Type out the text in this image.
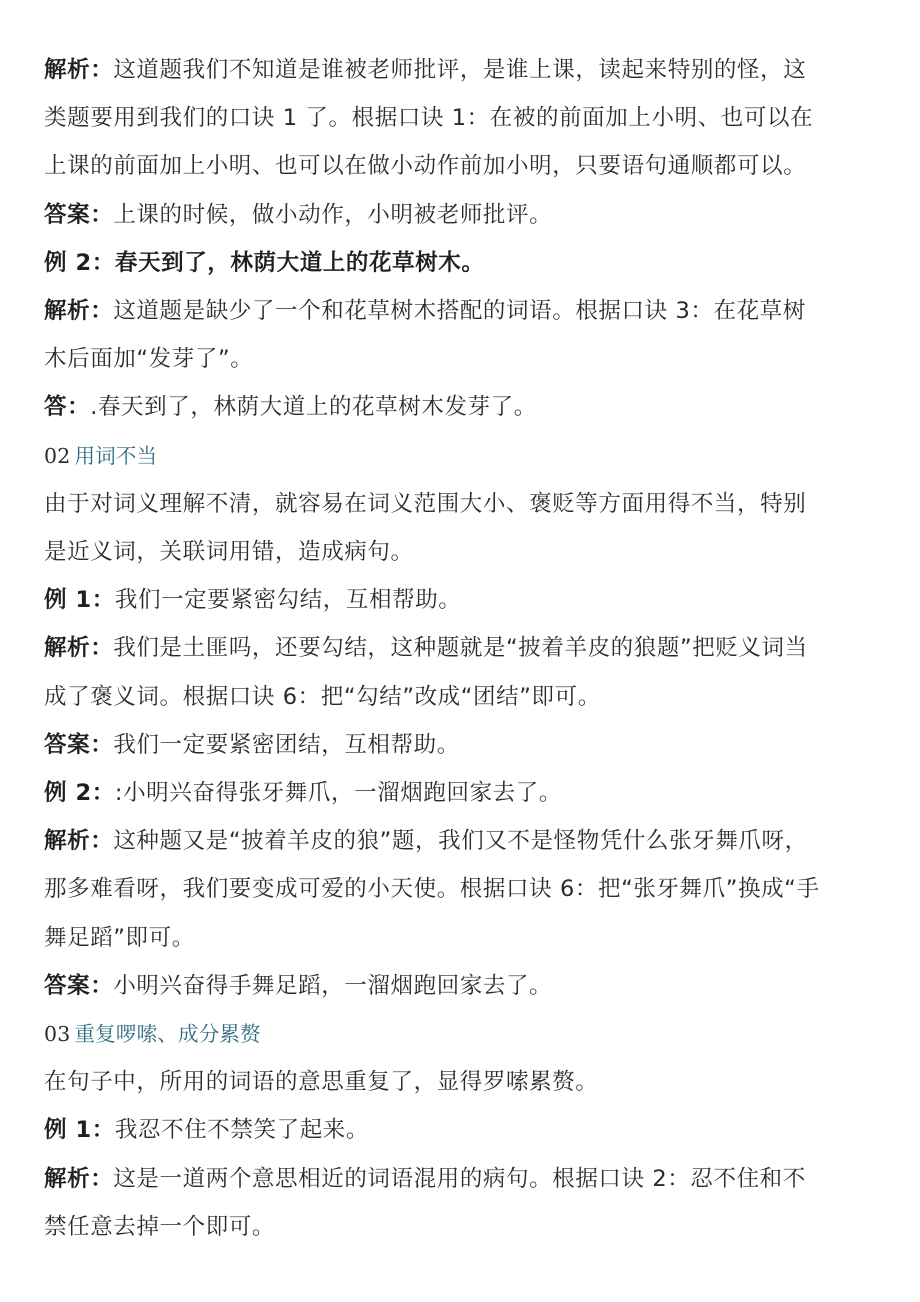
解析：这道题我们不知道是谁被老师批评，是谁上课，读起来特别的怪，这
类题要用到我们的口诀 1 了。根据口诀 1：在被的前面加上小明、也可以在
上课的前面加上小明、也可以在做小动作前加小明，只要语句通顺都可以。
答案：上课的时候，做小动作，小明被老师批评。
例 2：春天到了，林荫大道上的花草树木。
解析：这道题是缺少了一个和花草树木搭配的词语。根据口诀 3：在花草树
木后面加“发芽了”。
答：.春天到了，林荫大道上的花草树木发芽了。
02 用词不当
由于对词义理解不清，就容易在词义范围大小、褒贬等方面用得不当，特别
是近义词，关联词用错，造成病句。
例 1：我们一定要紧密勾结，互相帮助。
解析：我们是土匪吗，还要勾结，这种题就是“披着羊皮的狼题”把贬义词当
成了褒义词。根据口诀 6：把“勾结”改成“团结”即可。
答案：我们一定要紧密团结，互相帮助。
例 2：:小明兴奋得张牙舞爪，一溜烟跑回家去了。
解析：这种题又是“披着羊皮的狼”题，我们又不是怪物凭什么张牙舞爪呀，
那多难看呀，我们要变成可爱的小天使。根据口诀 6：把“张牙舞爪”换成“手
舞足蹈”即可。
答案：小明兴奋得手舞足蹈，一溜烟跑回家去了。
03 重复啰嗦、成分累赘
在句子中，所用的词语的意思重复了，显得罗嗦累赘。
例 1：我忍不住不禁笑了起来。
解析：这是一道两个意思相近的词语混用的病句。根据口诀 2：忍不住和不
禁任意去掉一个即可。
